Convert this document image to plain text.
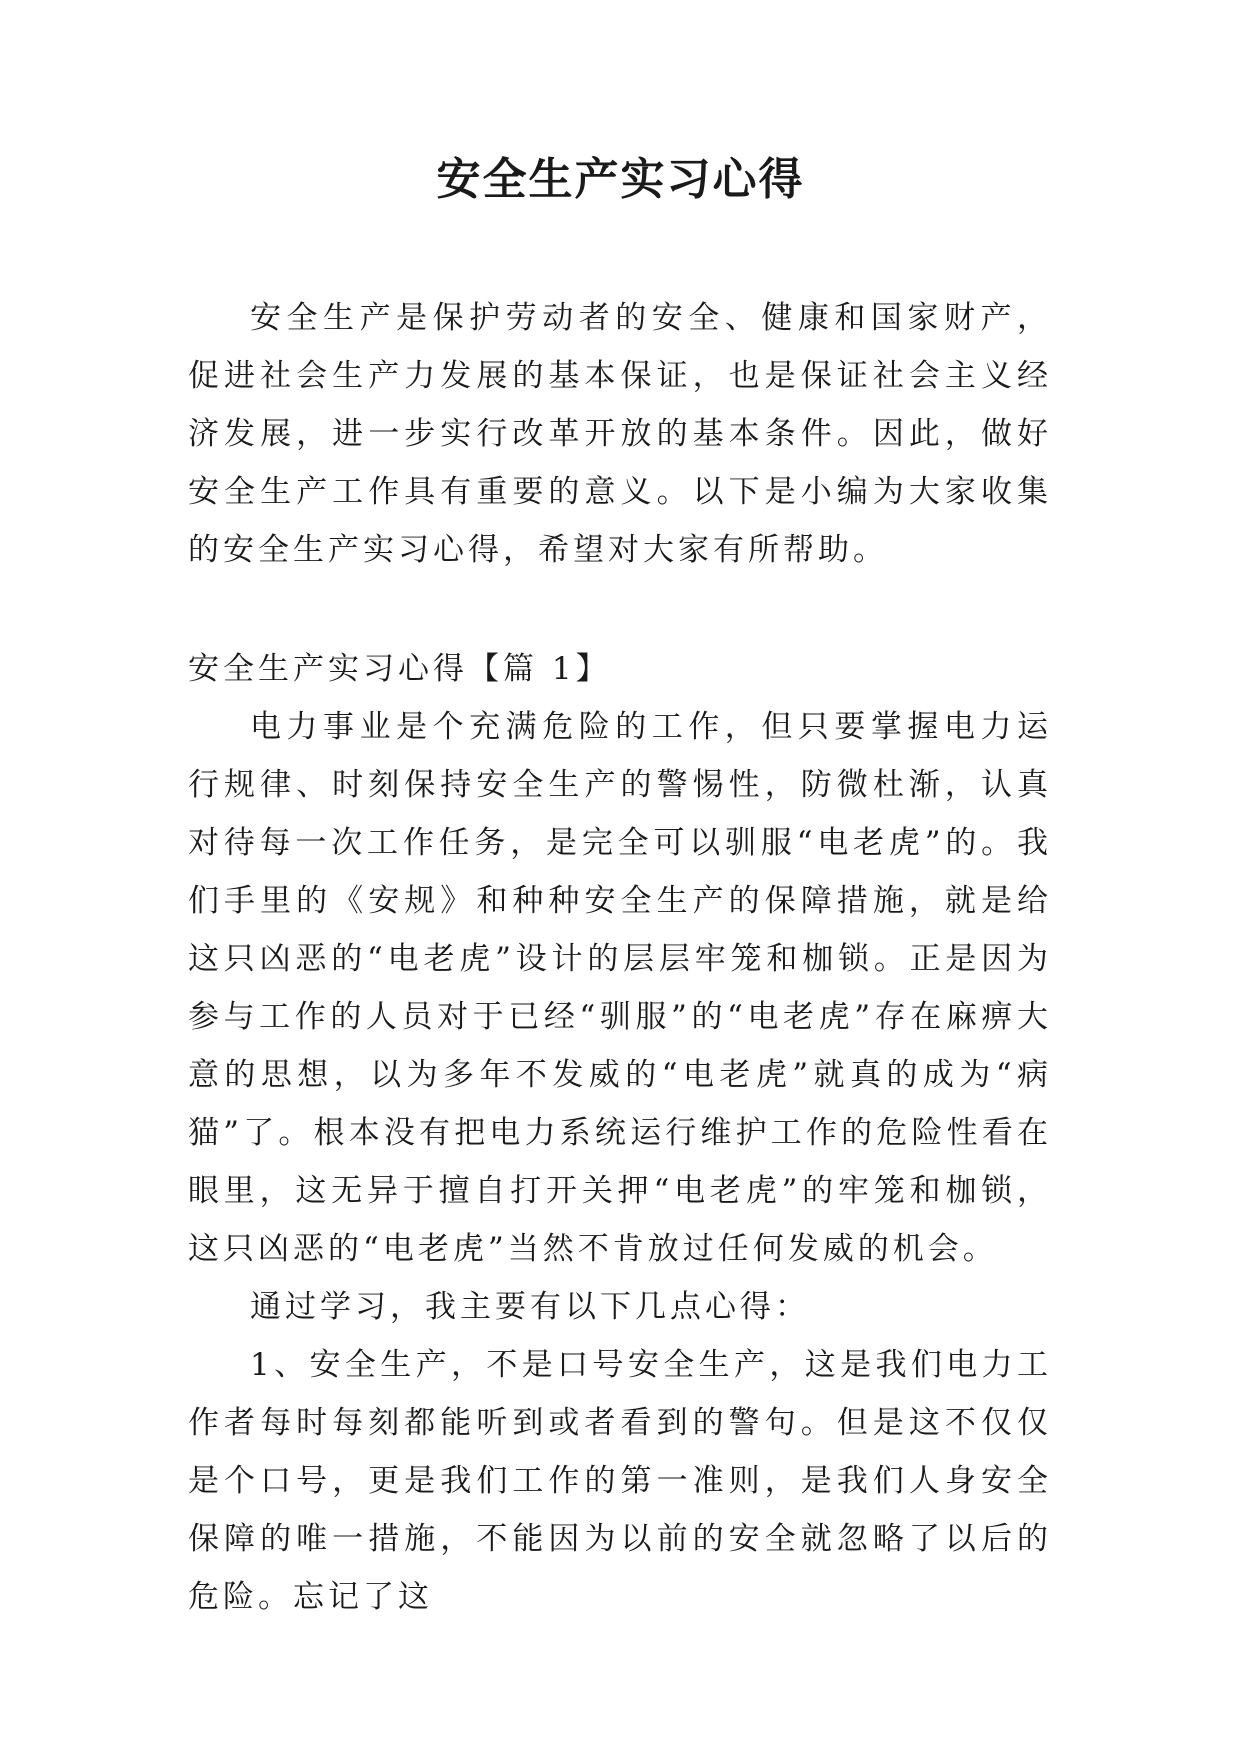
安全生产实习心得

安全生产是保护劳动者的安全、健康和国家财产，促进社会生产力发展的基本保证，也是保证社会主义经济发展，进一步实行改革开放的基本条件。因此，做好安全生产工作具有重要的意义。以下是小编为大家收集的安全生产实习心得，希望对大家有所帮助。

安全生产实习心得【篇 1】

电力事业是个充满危险的工作，但只要掌握电力运行规律、时刻保持安全生产的警惕性，防微杜渐，认真对待每一次工作任务，是完全可以驯服“电老虎”的。我们手里的《安规》和种种安全生产的保障措施，就是给这只凶恶的“电老虎”设计的层层牢笼和枷锁。正是因为参与工作的人员对于已经“驯服”的“电老虎”存在麻痹大意的思想，以为多年不发威的“电老虎”就真的成为“病猫”了。根本没有把电力系统运行维护工作的危险性看在眼里，这无异于擅自打开关押“电老虎”的牢笼和枷锁，这只凶恶的“电老虎”当然不肯放过任何发威的机会。

通过学习，我主要有以下几点心得：

1、安全生产，不是口号安全生产，这是我们电力工作者每时每刻都能听到或者看到的警句。但是这不仅仅是个口号，更是我们工作的第一准则，是我们人身安全保障的唯一措施，不能因为以前的安全就忽略了以后的危险。忘记了这
